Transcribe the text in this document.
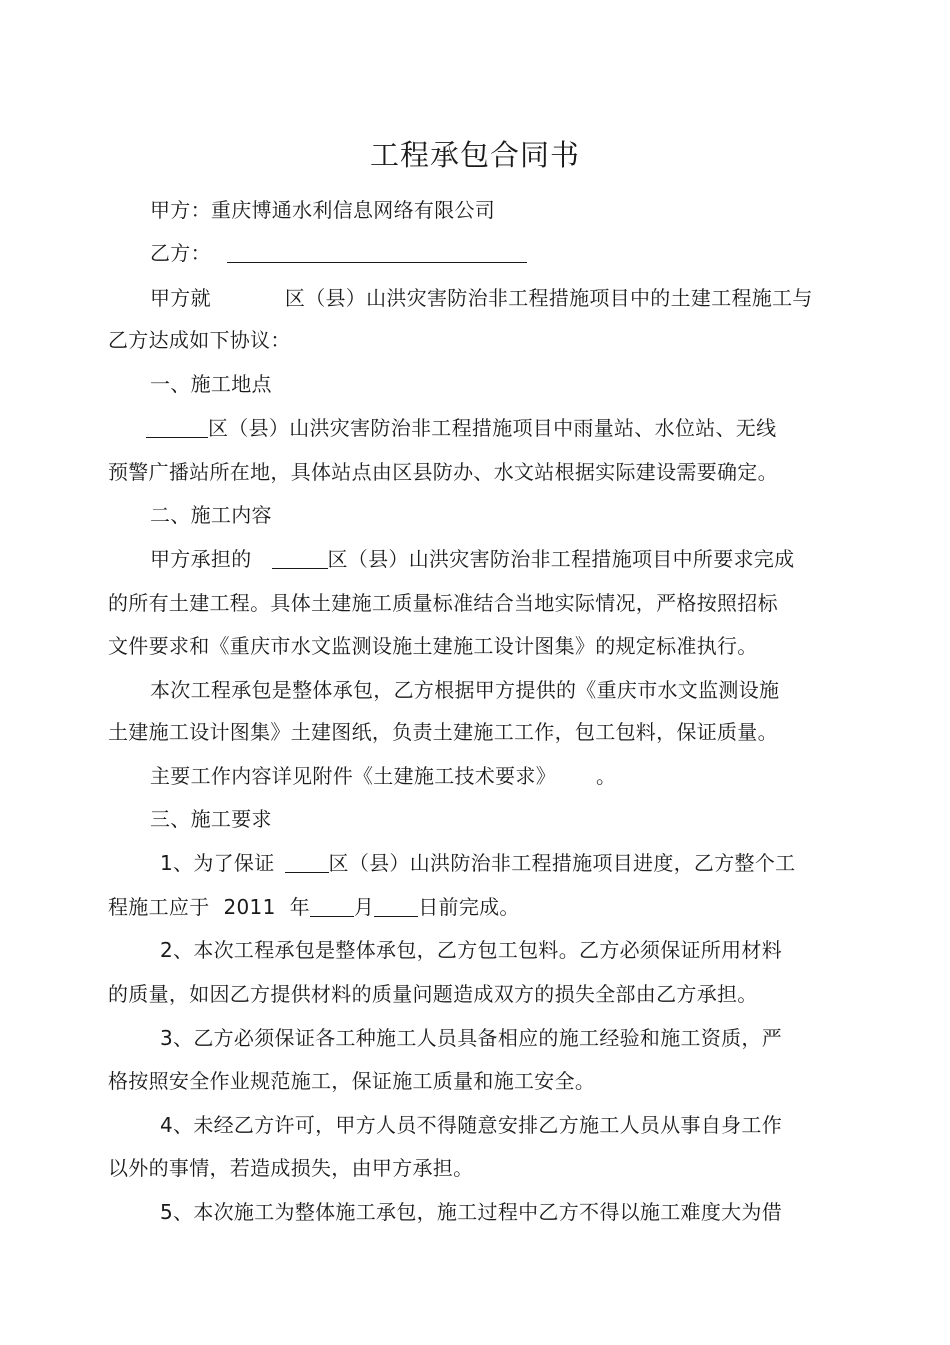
工程承包合同书
甲方：重庆博通水利信息网络有限公司
乙方：
甲方就	区（县）山洪灾害防治非工程措施项目中的土建工程施工与
乙方达成如下协议：
一、施工地点
区（县）山洪灾害防治非工程措施项目中雨量站、水位站、无线
预警广播站所在地，具体站点由区县防办、水文站根据实际建设需要确定。
二、施工内容
甲方承担的	区（县）山洪灾害防治非工程措施项目中所要求完成
的所有土建工程。具体土建施工质量标准结合当地实际情况，严格按照招标
文件要求和《重庆市水文监测设施土建施工设计图集》的规定标准执行。
本次工程承包是整体承包，乙方根据甲方提供的《重庆市水文监测设施
土建施工设计图集》土建图纸，负责土建施工工作，包工包料，保证质量。
主要工作内容详见附件《土建施工技术要求》 。
三、施工要求
1、为了保证	区（县）山洪防治非工程措施项目进度，乙方整个工
程施工应于 2011 年 月 日前完成。
2、本次工程承包是整体承包，乙方包工包料。乙方必须保证所用材料
的质量，如因乙方提供材料的质量问题造成双方的损失全部由乙方承担。
3、乙方必须保证各工种施工人员具备相应的施工经验和施工资质，严
格按照安全作业规范施工，保证施工质量和施工安全。
4、未经乙方许可，甲方人员不得随意安排乙方施工人员从事自身工作
以外的事情，若造成损失，由甲方承担。
5、本次施工为整体施工承包，施工过程中乙方不得以施工难度大为借
